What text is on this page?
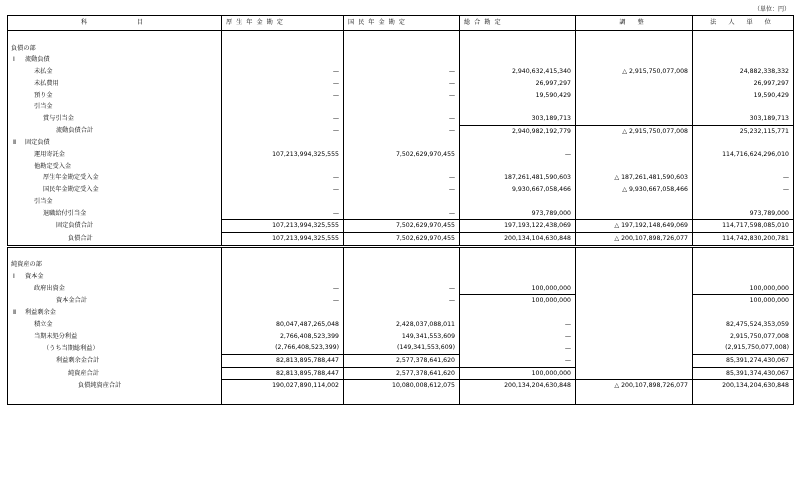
（単位：円）
科　　　　目	厚 生 年 金 勘 定	国 民 年 金 勘 定	総 合 勘 定	調 整	法 人 単 位

負債の部					
Ⅰ 流動負債					
未払金	—	—	2,940,632,415,340	△ 2,915,750,077,008	24,882,338,332
未払費用	—	—	26,997,297		26,997,297
預り金	—	—	19,590,429		19,590,429
引当金					
賞与引当金	—	—	303,189,713		303,189,713
流動負債合計	—	—	2,940,982,192,779	△ 2,915,750,077,008	25,232,115,771
Ⅱ 固定負債					
運用寄託金	107,213,994,325,555	7,502,629,970,455	—		114,716,624,296,010
他勘定受入金					
厚生年金勘定受入金	—	—	187,261,481,590,603	△ 187,261,481,590,603	—
国民年金勘定受入金	—	—	9,930,667,058,466	△ 9,930,667,058,466	—
引当金					
退職給付引当金	—	—	973,789,000		973,789,000
固定負債合計	107,213,994,325,555	7,502,629,970,455	197,193,122,438,069	△ 197,192,148,649,069	114,717,598,085,010
負債合計	107,213,994,325,555	7,502,629,970,455	200,134,104,630,848	△ 200,107,898,726,077	114,742,830,200,781

純資産の部					
Ⅰ 資本金					
政府出資金	—	—	100,000,000		100,000,000
資本金合計	—	—	100,000,000		100,000,000
Ⅱ 利益剰余金					
積立金	80,047,487,265,048	2,428,037,088,011	—		82,475,524,353,059
当期未処分利益	2,766,408,523,399	149,341,553,609	—		2,915,750,077,008
（うち当期総利益）	(2,766,408,523,399)	(149,341,553,609)	—		(2,915,750,077,008)
利益剰余金合計	82,813,895,788,447	2,577,378,641,620	—		85,391,274,430,067
純資産合計	82,813,895,788,447	2,577,378,641,620	100,000,000		85,391,374,430,067
負債純資産合計	190,027,890,114,002	10,080,008,612,075	200,134,204,630,848	△ 200,107,898,726,077	200,134,204,630,848
